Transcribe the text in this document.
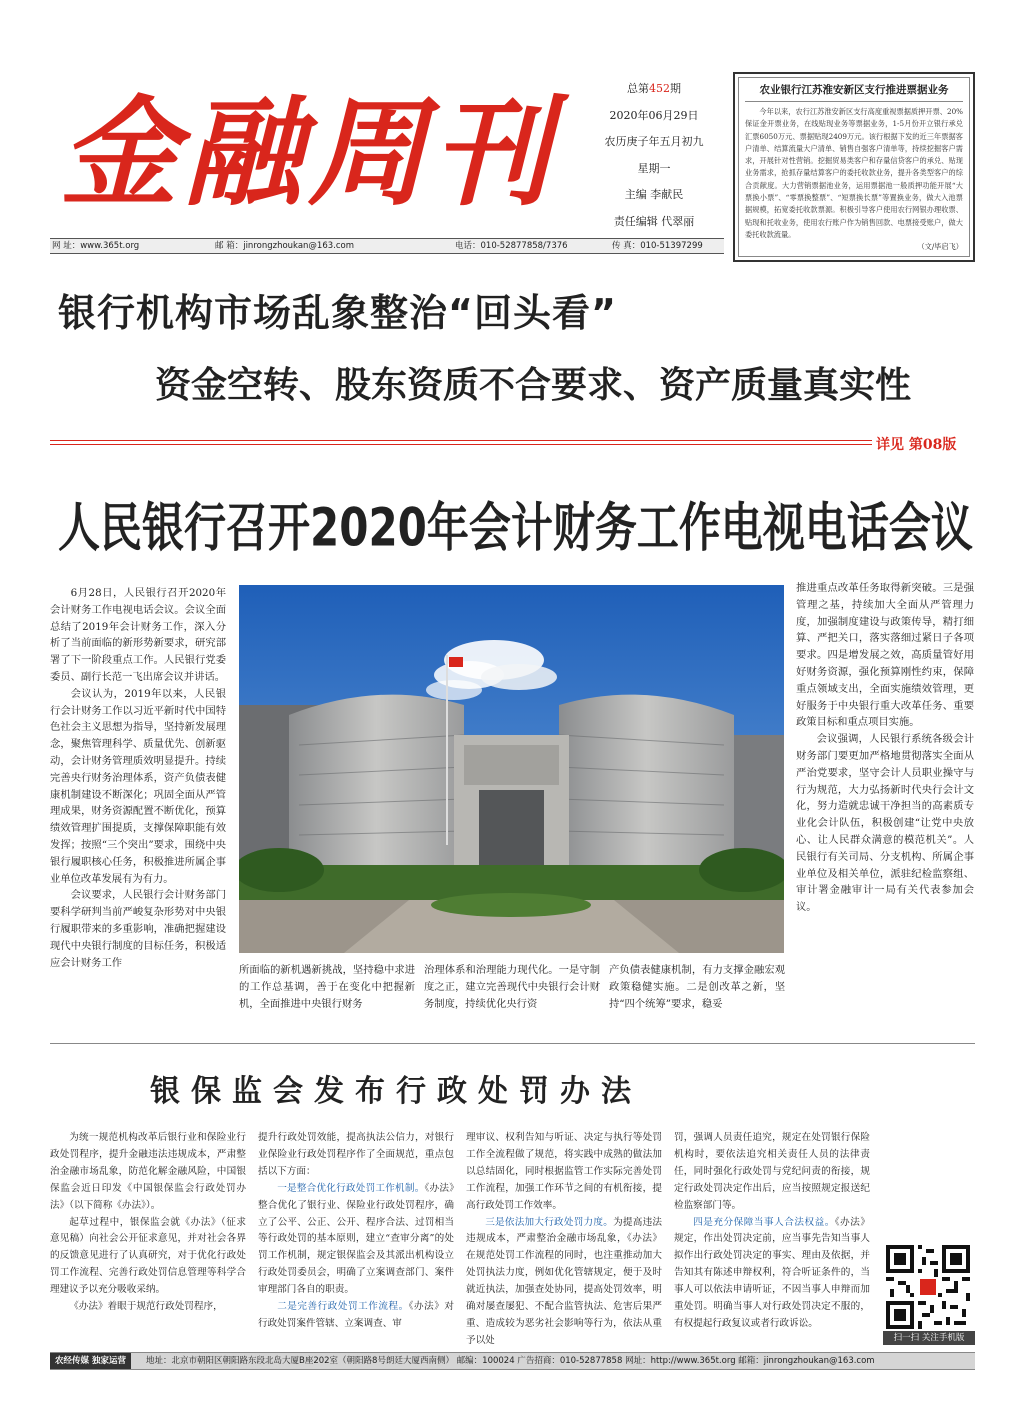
金融周刊	总第452期
2020年06月29日
农历庚子年五月初九
星期一
主编 李献民
责任编辑 代翠丽
网 址：www.365t.org	邮 箱：jinrongzhoukan@163.com	电话：010-52877858/7376	传 真：010-51397299
农业银行江苏淮安新区支行推进票据业务
今年以来，农行江苏淮安新区支行高度重视票据质押开票、20%保证金开票业务，在线贴现业务等票据业务，1-5月份开立银行承兑汇票6050万元、票据贴现2409万元。该行根据下发的近三年票据客户清单、结算流量大户清单、销售自强客户清单等，持续挖掘客户需求，开展针对性营销。挖掘贸易类客户和存量信贷客户的承兑、贴现业务需求，抢抓存量结算客户的委托收款业务，提升各类型客户的综合贡献度。大力营销票据池业务，运用票据池一般质押功能开展“大票换小票”、“零票换整票”、“短票换长票”等置换业务，做大入池票据规模，拓宽委托收款票源。积极引导客户使用农行网银办理收票、贴现和托收业务，使用农行账户作为销售回款、电票接受账户，做大委托收款流量。
（文/毕启飞）
银行机构市场乱象整治“回头看”
资金空转、股东资质不合要求、资产质量真实性
详见 第08版
人民银行召开2020年会计财务工作电视电话会议

6月28日，人民银行召开2020年会计财务工作电视电话会议。会议全面总结了2019年会计财务工作，深入分析了当前面临的新形势新要求，研究部署了下一阶段重点工作。人民银行党委委员、副行长范一飞出席会议并讲话。

会议认为，2019年以来，人民银行会计财务工作以习近平新时代中国特色社会主义思想为指导，坚持新发展理念，聚焦管理科学、质量优先、创新驱动，会计财务管理质效明显提升。持续完善央行财务治理体系，资产负债表健康机制建设不断深化；巩固全面从严管理成果，财务资源配置不断优化，预算绩效管理扩围提质，支撑保障职能有效发挥；按照“三个突出”要求，围绕中央银行履职核心任务，积极推进所属企事业单位改革发展有为有力。

会议要求，人民银行会计财务部门要科学研判当前严峻复杂形势对中央银行履职带来的多重影响，准确把握建设现代中央银行制度的目标任务，积极适应会计财务工作

所面临的新机遇新挑战，坚持稳中求进的工作总基调，善于在变化中把握新机，全面推进中央银行财务

治理体系和治理能力现代化。一是守制度之正，建立完善现代中央银行会计财务制度，持续优化央行资

产负债表健康机制，有力支撑金融宏观政策稳健实施。二是创改革之新，坚持“四个统筹”要求，稳妥

推进重点改革任务取得新突破。三是强管理之基，持续加大全面从严管理力度，加强制度建设与政策传导，精打细算、严把关口，落实落细过紧日子各项要求。四是增发展之效，高质量管好用好财务资源，强化预算刚性约束，保障重点领域支出，全面实施绩效管理，更好服务于中央银行重大改革任务、重要政策目标和重点项目实施。

会议强调，人民银行系统各级会计财务部门要更加严格地贯彻落实全面从严治党要求，坚守会计人员职业操守与行为规范，大力弘扬新时代央行会计文化，努力造就忠诚干净担当的高素质专业化会计队伍，积极创建“让党中央放心、让人民群众满意的模范机关”。人民银行有关司局、分支机构、所属企事业单位及相关单位，派驻纪检监察组、审计署金融审计一局有关代表参加会议。

银保监会发布行政处罚办法

为统一规范机构改革后银行业和保险业行政处罚程序，提升金融违法违规成本，严肃整治金融市场乱象，防范化解金融风险，中国银保监会近日印发《中国银保监会行政处罚办法》（以下简称《办法》）。

起草过程中，银保监会就《办法》（征求意见稿）向社会公开征求意见，并对社会各界的反馈意见进行了认真研究，对于优化行政处罚工作流程、完善行政处罚信息管理等科学合理建议予以充分吸收采纳。

《办法》着眼于规范行政处罚程序，

提升行政处罚效能，提高执法公信力，对银行业保险业行政处罚程序作了全面规范，重点包括以下方面：

一是整合优化行政处罚工作机制。《办法》整合优化了银行业、保险业行政处罚程序，确立了公平、公正、公开、程序合法、过罚相当等行政处罚的基本原则，建立“查审分离”的处罚工作机制，规定银保监会及其派出机构设立行政处罚委员会，明确了立案调查部门、案件审理部门各自的职责。

二是完善行政处罚工作流程。《办法》对行政处罚案件管辖、立案调查、审

理审议、权利告知与听证、决定与执行等处罚工作全流程做了规范，将实践中成熟的做法加以总结固化，同时根据监管工作实际完善处罚工作流程，加强工作环节之间的有机衔接，提高行政处罚工作效率。

三是依法加大行政处罚力度。为提高违法违规成本，严肃整治金融市场乱象，《办法》在规范处罚工作流程的同时，也注重推动加大处罚执法力度，例如优化管辖规定，便于及时就近执法，加强查处协同，提高处罚效率，明确对屡查屡犯、不配合监管执法、危害后果严重、造成较为恶劣社会影响等行为，依法从重予以处

罚，强调人员责任追究，规定在处罚银行保险机构时，要依法追究相关责任人员的法律责任，同时强化行政处罚与党纪问责的衔接，规定行政处罚决定作出后，应当按照规定报送纪检监察部门等。

四是充分保障当事人合法权益。《办法》规定，作出处罚决定前，应当事先告知当事人拟作出行政处罚决定的事实、理由及依据，并告知其有陈述申辩权利，符合听证条件的，当事人可以依法申请听证，不因当事人申辩而加重处罚。明确当事人对行政处罚决定不服的，有权提起行政复议或者行政诉讼。

扫一扫 关注手机版
农经传媒 独家运营	地址：北京市朝阳区朝阳路东段北岛大厦B座202室（朝阳路8号朗廷大厦西南侧） 邮编：100024 广告招商：010-52877858 网址：http://www.365t.org 邮箱：jinrongzhoukan@163.com
